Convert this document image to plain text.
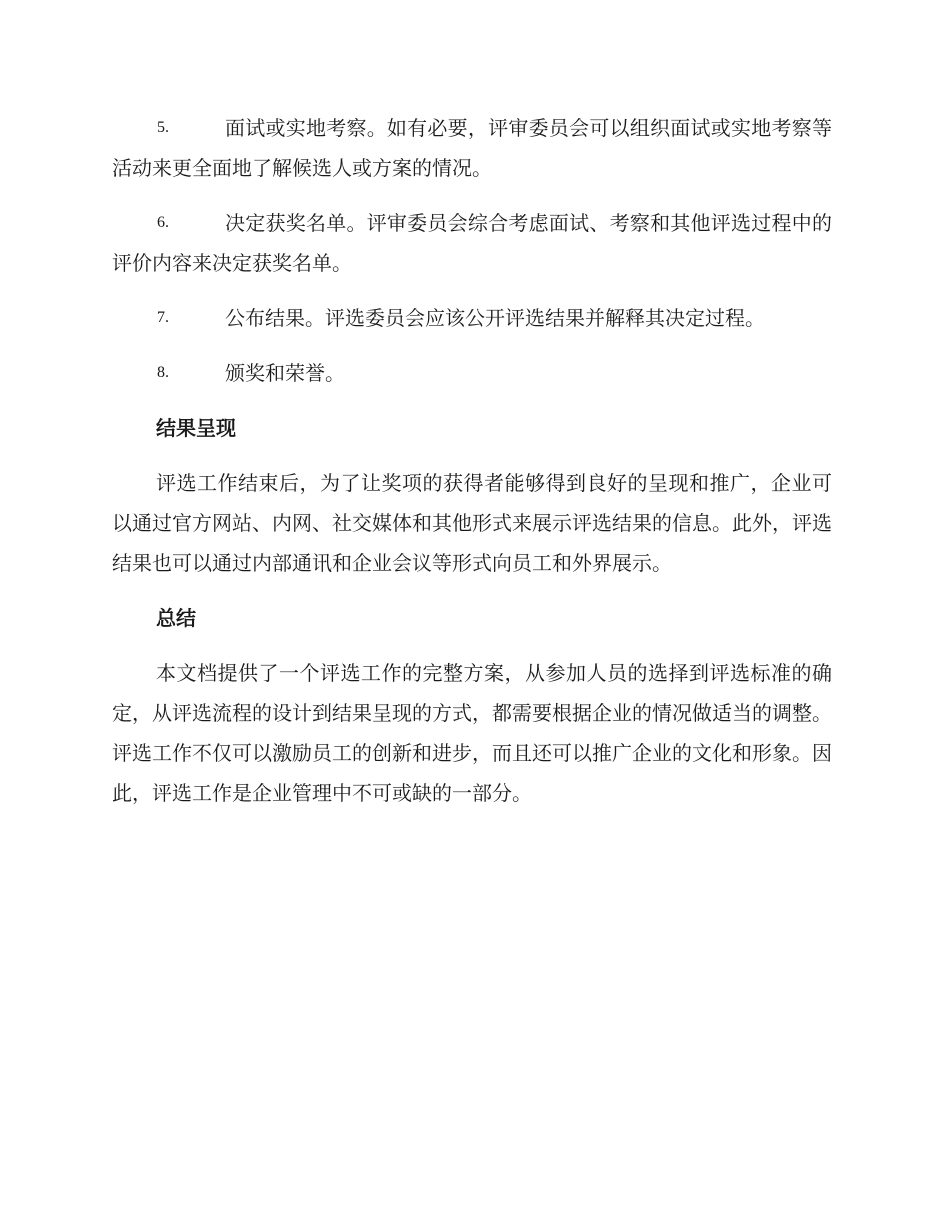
5.	面试或实地考察。如有必要，评审委员会可以组织面试或实地考察等活动来更全面地了解候选人或方案的情况。
6.	决定获奖名单。评审委员会综合考虑面试、考察和其他评选过程中的评价内容来决定获奖名单。
7.	公布结果。评选委员会应该公开评选结果并解释其决定过程。
8.	颁奖和荣誉。
结果呈现

评选工作结束后，为了让奖项的获得者能够得到良好的呈现和推广，企业可以通过官方网站、内网、社交媒体和其他形式来展示评选结果的信息。此外，评选结果也可以通过内部通讯和企业会议等形式向员工和外界展示。

总结

本文档提供了一个评选工作的完整方案，从参加人员的选择到评选标准的确定，从评选流程的设计到结果呈现的方式，都需要根据企业的情况做适当的调整。评选工作不仅可以激励员工的创新和进步，而且还可以推广企业的文化和形象。因此，评选工作是企业管理中不可或缺的一部分。
